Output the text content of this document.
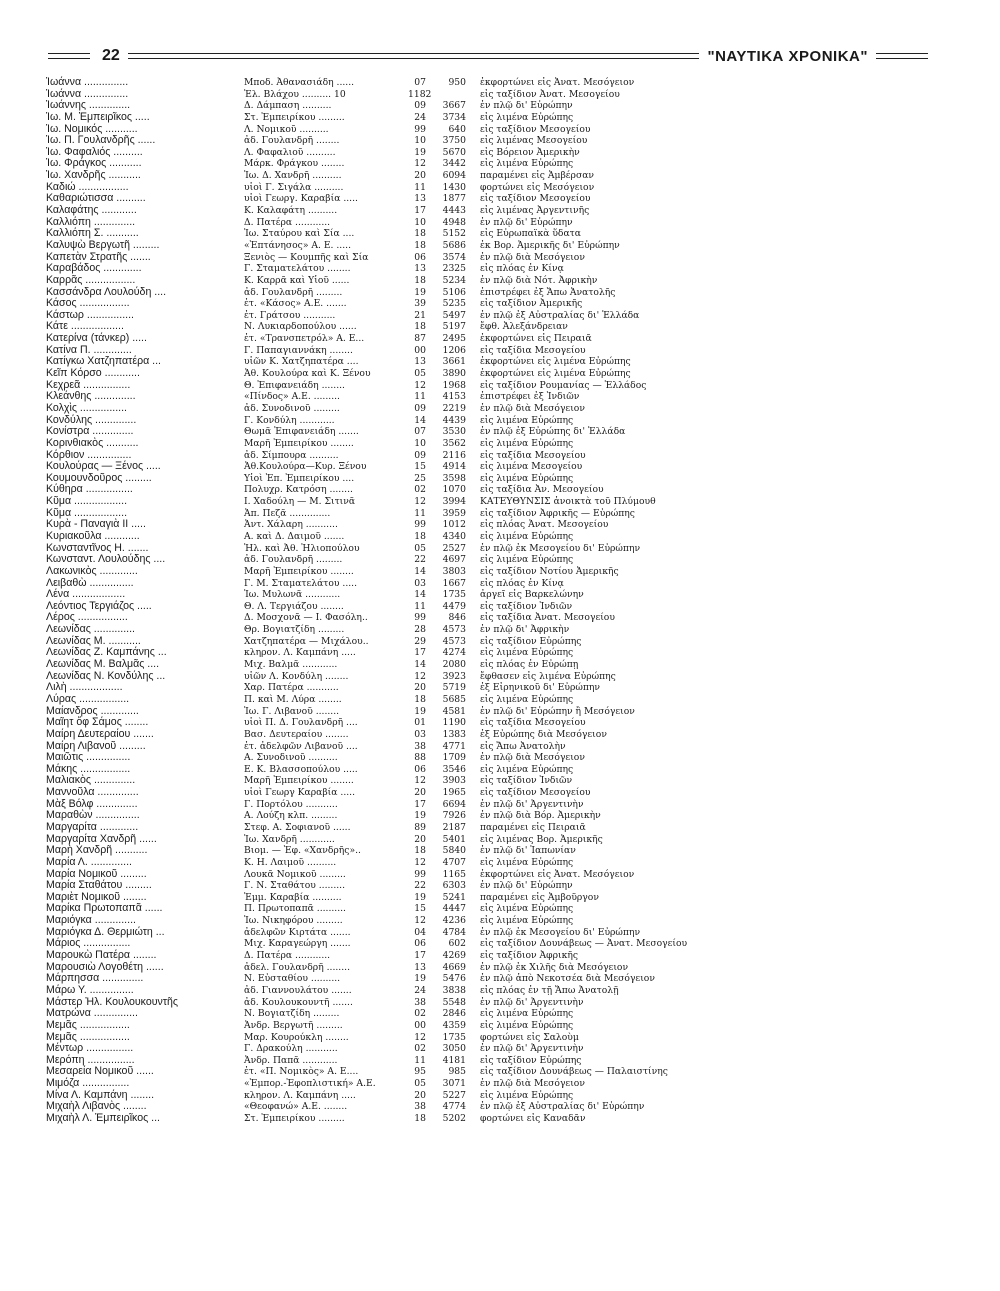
22	"ΝΑΥΤΙΚΑ ΧΡΟΝΙΚΑ"
Ἰωάννα ...............	Μποδ. Ἀθανασιάδη ......	07	950 ἐκφορτώνει εἰς Ἀνατ. Μεσόγειον
Ἰωάννα ...............	Ἐλ. Βλάχου .......... 10	1182	εἰς ταξίδιον Ἀνατ. Μεσογείου
Ἰωάννης ..............	Δ. Δάμπαση ..........	09	3667 ἐν πλῷ δι' Εὐρώπην
Ἰω. Μ. Ἐμπειρῖκος .....	Στ. Ἐμπειρίκου .........	24	3734 εἰς λιμένα Εὐρώπης
Ἰω. Νομικός ...........	Λ. Νομικοῦ ..........	99	640 εἰς ταξίδιον Μεσογείου
Ἰω. Π. Γουλανδρῆς ......	ἀδ. Γουλανδρῆ ........	10	3750 εἰς λιμένας Μεσογείου
Ἰω. Φαφαλιός ..........	Λ. Φαφαλιοῦ ..........	19	5670 εἰς Βόρειον Ἀμερικὴν
Ἰω. Φράγκος ...........	Μάρκ. Φράγκου ........	12	3442 εἰς λιμένα Εὐρώπης
Ἰω. Χανδρῆς ...........	Ἰω. Δ. Χανδρῆ ..........	20	6094 παραμένει εἰς Ἀμβέρσαν
Καδιώ .................	υἱοὶ Γ. Σιγάλα ..........	11	1430 φορτώνει εἰς Μεσόγειον
Καθαριώτισσα ..........	υἱοὶ Γεωργ. Καραβία .....	13	1877 εἰς ταξίδιον Μεσογείου
Καλαφάτης ............	Κ. Καλαφάτη ..........	17	4443 εἰς λιμένας Ἀργεντινῆς
Καλλιόπη ..............	Δ. Πατέρα ............	10	4948 ἐν πλῷ δι' Εὐρώπην
Καλλιόπη Σ. ...........	Ἰω. Σταύρου καὶ Σία ....	18	5152 εἰς Εὐρωπαϊκὰ ὕδατα
Καλυψὼ Βεργωτῆ .........	«Ἐπτάνησος» Α. Ε. .....	18	5686 ἐκ Βορ. Ἀμερικῆς δι' Εὐρώπην
Καπετὰν Στρατῆς .......	Ξενιὸς — Κουμπῆς καὶ Σία	06	3574 ἐν πλῷ διὰ Μεσόγειον
Καραβάδος .............	Γ. Σταματελάτου ........	13	2325 εἰς πλόας ἐν Κίνᾳ
Καρρᾶς .................	Κ. Καρρᾶ καὶ Υἱοῦ ......	18	5234 ἐν πλῷ διὰ Νότ. Ἀφρικὴν
Κασσάνδρα Λουλούδη ....	ἀδ. Γουλανδρῆ .........	19	5106 ἐπιστρέφει ἐξ Ἄπω Ἀνατολῆς
Κάσος .................	ἐτ. «Κάσος» Α.Ε. .......	39	5235 εἰς ταξίδιον Ἀμερικῆς
Κάστωρ ................	ἐτ. Γράτσου ...........	21	5497 ἐν πλῷ ἐξ Αὐστραλίας δι' Ἑλλάδα
Κάτε ..................	Ν. Λυκιαρδοπούλου ......	18	5197 ἔφθ. Ἀλεξάνδρειαν
Κατερίνα (τάνκερ) .....	ἐτ. «Τρανσπετρόλ» Α. Ε...	87	2495 ἐκφορτώνει εἰς Πειραιᾶ
Κατίνα Π. .............	Γ. Παπαγιαννάκη ........	00	1206 εἰς ταξίδια Μεσογείου
Κατίγκω Χατζηπατέρα ...	υἱῶν Κ. Χατζηπατέρα ....	13	3661 ἐκφορτώνει εἰς λιμένα Εὐρώπης
Κεῖπ Κόρσο ............	Ἀθ. Κουλούρα καὶ Κ. Ξένου	05	3890 ἐκφορτώνει εἰς λιμένα Εὐρώπης
Κεχρεᾶ ................	Θ. Ἐπιφανειάδη ........	12	1968 εἰς ταξίδιον Ρουμανίας — Ἑλλάδος
Κλεάνθης ..............	«Πίνδος» Α.Ε. .........	11	4153 ἐπιστρέφει ἐξ Ἰνδιῶν
Κολχὶς ................	ἀδ. Συνοδινοῦ .........	09	2219 ἐν πλῷ διὰ Μεσόγειον
Κονδύλης ..............	Γ. Κονδύλη ............	14	4439 εἰς λιμένα Εὐρώπης
Κονίστρα ..............	Θωμᾶ Ἐπιφανειάδη .......	07	3530 ἐν πλῷ ἐξ Εὐρώπης δι' Ἑλλάδα
Κορινθιακὸς ...........	Μαρῆ Ἐμπειρίκου ........	10	3562 εἰς λιμένα Εὐρώπης
Κόρθιον ...............	ἀδ. Σίμπουρα ..........	09	2116 εἰς ταξίδια Μεσογείου
Κουλούρας — Ξένος .....	Ἀθ.Κουλούρα—Κυρ. Ξένου	15	4914 εἰς λιμένα Μεσογείου
Κουμουνδοῦρος .........	Υἱοὶ Ἐπ. Ἐμπειρίκου ....	25	3598 εἰς λιμένα Εὐρώπης
Κύθηρα ................	Πολυχρ. Κατρόση ........	02	1070 εἰς ταξίδια Ἀν. Μεσογείου
Κῦμα ..................	Ι. Χαδούλη — Μ. Σιτινᾶ	12	3994 ΚΑΤΕΥΘΥΝΣΙΣ ἀνοικτὰ τοῦ Πλύμουθ
Κῦμα ..................	Ἀπ. Πεζᾶ ..............	11	3959 εἰς ταξίδιον Ἀφρικῆς — Εὐρώπης
Κυρὰ - Παναγιὰ ΙΙ .....	Ἀντ. Χάλαρη ...........	99	1012 εἰς πλόας Ἀνατ. Μεσογείου
Κυριακοῦλα ............	Α. καὶ Δ. Δαιμοῦ .......	18	4340 εἰς λιμένα Εὐρώπης
Κωνσταντῖνος Η. .......	Ἠλ. καὶ Ἀθ. Ἠλιοπούλου	05	2527 ἐν πλῷ ἐκ Μεσογείου δι' Εὐρώπην
Κωνσταντ. Λουλούδης ....	ἀδ. Γουλανδρῆ .........	22	4697 εἰς λιμένα Εὐρώπης
Λακωνικὸς .............	Μαρῆ Ἐμπειρίκου ........	14	3803 εἰς ταξίδιον Νοτίου Ἀμερικῆς
Λειβαθὼ ...............	Γ. Μ. Σταματελάτου .....	03	1667 εἰς πλόας ἐν Κίνᾳ
Λένα ..................	Ἰω. Μυλωνᾶ ............	14	1735 ἀργεῖ εἰς Βαρκελώνην
Λεόντιος Τεργιάζος .....	Θ. Λ. Τεργιάζου ........	11	4479 εἰς ταξίδιον Ἰνδιῶν
Λέρος .................	Δ. Μοσχονᾶ — Ι. Φασόλη..	99	846 εἰς ταξίδια Ἀνατ. Μεσογείου
Λεωνίδας ..............	Θρ. Βογιατζίδη .........	28	4573 ἐν πλῷ δι' Ἀφρικὴν
Λεωνίδας Μ. ...........	Χατζηπατέρα — Μιχάλου..	29	4573 εἰς ταξίδιον Εὐρώπης
Λεωνίδας Ζ. Καμπάνης ...	κληρον. Λ. Καμπάνη .....	17	4274 εἰς λιμένα Εὐρώπης
Λεωνίδας Μ. Βαλμᾶς ....	Μιχ. Βαλμᾶ ............	14	2080 εἰς πλόας ἐν Εὐρώπῃ
Λεωνίδας Ν. Κονδύλης ...	υἱῶν Λ. Κονδύλη ........	12	3923 ἔφθασεν εἰς λιμένα Εὐρώπης
Λιλὴ ..................	Χαρ. Πατέρα ...........	20	5719 ἐξ Εἰρηνικοῦ δι' Εὐρώπην
Λύρας .................	Π. καὶ Μ. Λύρα ........	18	5685 εἰς λιμένα Εὐρώπης
Μαίανδρος .............	Ἰω. Γ. Λιβανοῦ ........	19	4581 ἐν πλῷ δι' Εὐρώπην ἢ Μεσόγειον
Μαῖητ ὄφ Σάμος ........	υἱοὶ Π. Δ. Γουλανδρῆ ....	01	1190 εἰς ταξίδια Μεσογείου
Μαίρη Δευτεραίου .......	Βασ. Δευτεραίου ........	03	1383 ἐξ Εὐρώπης διὰ Μεσόγειον
Μαίρη Λιβανοῦ .........	ἐτ. ἀδελφῶν Λιβανοῦ ....	38	4771 εἰς Ἄπω Ἀνατολὴν
Μαιῶτις ...............	Α. Συνοδινοῦ ..........	88	1709 ἐν πλῷ διὰ Μεσόγειον
Μάκης .................	Ε. Κ. Βλασσοπούλου .....	06	3546 εἰς λιμένα Εὐρώπης
Μαλιακὸς ..............	Μαρῆ Ἐμπειρίκου ........	12	3903 εἰς ταξίδιον Ἰνδιῶν
Μαννοῦλα ..............	υἱοὶ Γεωργ Καραβία .....	20	1965 εἰς ταξίδιον Μεσογείου
Μὰξ Βόλφ ..............	Γ. Πορτόλου ...........	17	6694 ἐν πλῷ δι' Ἀργεντινὴν
Μαραθὼν ...............	Α. Λούζη κλπ. .........	19	7926 ἐν πλῷ διὰ Βόρ. Ἀμερικὴν
Μαργαρίτα .............	Στεφ. Α. Σοφιανοῦ ......	89	2187 παραμένει εἰς Πειραιᾶ
Μαργαρίτα Χανδρῆ ......	Ἰω. Χανδρῆ ............	20	5401 εἰς λιμένας Βορ. Ἀμερικῆς
Μαρὴ Χανδρῆ ...........	Βιομ. — Ἐφ. «Χανδρῆς»..	18	5840 ἐν πλῷ δι' Ἰαπωνίαν
Μαρία Λ. ..............	Κ. Η. Λαιμοῦ ..........	12	4707 εἰς λιμένα Εὐρώπης
Μαρία Νομικοῦ .........	Λουκᾶ Νομικοῦ .........	99	1165 ἐκφορτώνει εἰς Ἀνατ. Μεσόγειον
Μαρία Σταθάτου .........	Γ. Ν. Σταθάτου .........	22	6303 ἐν πλῷ δι' Εὐρώπην
Μαριὲτ Νομικοῦ ........	Ἐμμ. Καραβία ..........	19	5241 παραμένει εἰς Ἀμβοῦργον
Μαρίκα Πρωτοπαπᾶ ......	Π. Πρωτοπαπᾶ ..........	15	4447 εἰς λιμένα Εὐρώπης
Μαριόγκα ..............	Ἰω. Νικηφόρου .........	12	4236 εἰς λιμένα Εὐρώπης
Μαριόγκα Δ. Θερμιώτη ...	ἀδελφῶν Κιρτάτα .......	04	4784 ἐν πλῷ ἐκ Μεσογείου δι' Εὐρώπην
Μάριος ................	Μιχ. Καραγεώργη .......	06	602 εἰς ταξίδιον Δουνάβεως — Ἀνατ. Μεσογείου
Μαρουκὼ Πατέρα ........	Δ. Πατέρα ............	17	4269 εἰς ταξίδιον Ἀφρικῆς
Μαρουσιὼ Λογοθέτη ......	ἀδελ. Γουλανδρῆ ........	13	4669 ἐν πλῷ ἐκ Χιλῆς διὰ Μεσόγειον
Μάρπησσα ..............	Ν. Εὐσταθίου ..........	19	5476 ἐν πλῷ ἀπὸ Νεκοτσέα διὰ Μεσόγειον
Μάρω Υ. ...............	ἀδ. Γιαννουλάτου .......	24	3838 εἰς πλόας ἐν τῇ Ἄπω Ἀνατολῇ
Μάστερ Ἠλ. Κουλουκουντῆς	ἀδ. Κουλουκουντῆ .......	38	5548 ἐν πλῷ δι' Ἀργεντινὴν
Ματρώνα ...............	Ν. Βογιατζίδη .........	02	2846 εἰς λιμένα Εὐρώπης
Μεμᾶς .................	Ἀνδρ. Βεργωτῆ .........	00	4359 εἰς λιμένα Εὐρώπης
Μεμᾶς .................	Μαρ. Κουρούκλη ........	12	1735 φορτώνει εἰς Σαλοὺμ
Μέντωρ ................	Γ. Δρακούλη ...........	02	3050 ἐν πλῷ δι' Ἀργεντινὴν
Μερόπη ................	Ἀνδρ. Παπᾶ ............	11	4181 εἰς ταξίδιον Εὐρώπης
Μεσαρεία Νομικοῦ ......	ἐτ. «Π. Νομικὸς» Α. Ε....	95	985 εἰς ταξίδιον Δουνάβεως — Παλαιστίνης
Μιμόζα ................	«Ἐμπορ.-Ἐφοπλιστική» Α.Ε.	05	3071 ἐν πλῷ διὰ Μεσόγειον
Μίνα Λ. Καμπάνη ........	κληρον. Λ. Καμπάνη .....	20	5227 εἰς λιμένα Εὐρώπης
Μιχαὴλ Λιβανὸς ........	«Θεοφανώ» Α.Ε. ........	38	4774 ἐν πλῷ ἐξ Αὐστραλίας δι' Εὐρώπην
Μιχαὴλ Λ. Ἐμπειρῖκος ...	Στ. Ἐμπειρίκου .........	18	5202 φορτώνει εἰς Καναδᾶν
